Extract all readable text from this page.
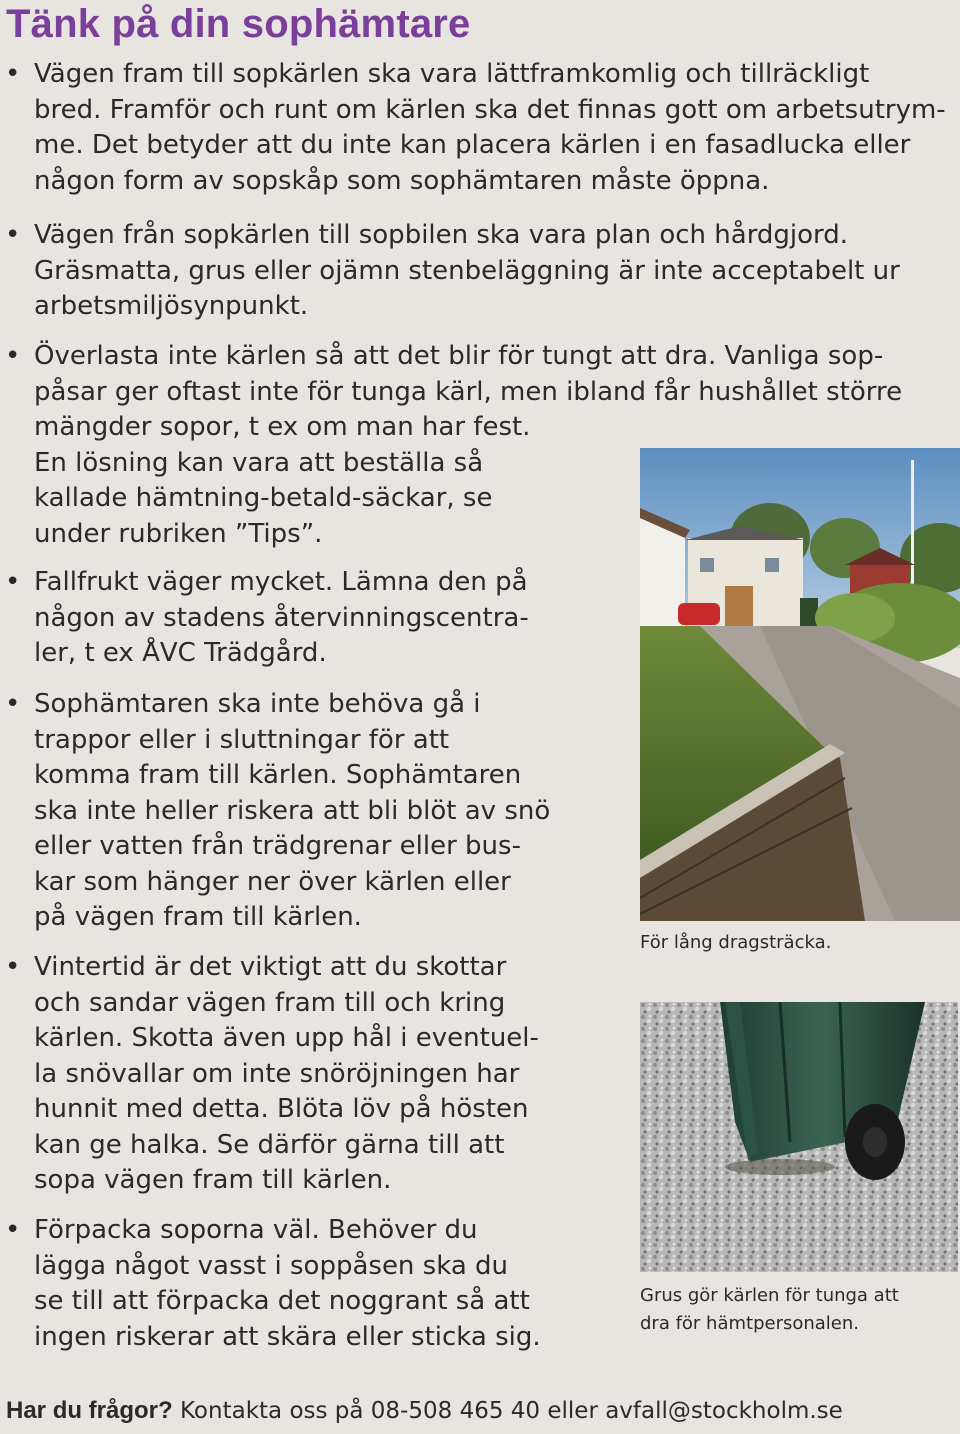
Tänk på din sophämtare
• Vägen fram till sopkärlen ska vara lättframkomlig och tillräckligt
bred. Framför och runt om kärlen ska det finnas gott om arbetsutrym-
me. Det betyder att du inte kan placera kärlen i en fasadlucka eller
någon form av sopskåp som sophämtaren måste öppna.
• Vägen från sopkärlen till sopbilen ska vara plan och hårdgjord.
Gräsmatta, grus eller ojämn stenbeläggning är inte acceptabelt ur
arbetsmiljösynpunkt.
• Överlasta inte kärlen så att det blir för tungt att dra. Vanliga sop-
påsar ger oftast inte för tunga kärl, men ibland får hushållet större
mängder sopor, t ex om man har fest.
En lösning kan vara att beställa så
kallade hämtning-betald-säckar, se
under rubriken ”Tips”.
• Fallfrukt väger mycket. Lämna den på
någon av stadens återvinningscentra-
ler, t ex ÅVC Trädgård.
• Sophämtaren ska inte behöva gå i
trappor eller i sluttningar för att
komma fram till kärlen. Sophämtaren
ska inte heller riskera att bli blöt av snö
eller vatten från trädgrenar eller bus-
kar som hänger ner över kärlen eller
på vägen fram till kärlen.
• Vintertid är det viktigt att du skottar
och sandar vägen fram till och kring
kärlen. Skotta även upp hål i eventuel-
la snövallar om inte snöröjningen har
hunnit med detta. Blöta löv på hösten
kan ge halka. Se därför gärna till att
sopa vägen fram till kärlen.
• Förpacka soporna väl. Behöver du
lägga något vasst i soppåsen ska du
se till att förpacka det noggrant så att
ingen riskerar att skära eller sticka sig.
För lång dragsträcka.
Grus gör kärlen för tunga att
dra för hämtpersonalen.
Har du frågor? Kontakta oss på 08-508 465 40 eller avfall@stockholm.se
